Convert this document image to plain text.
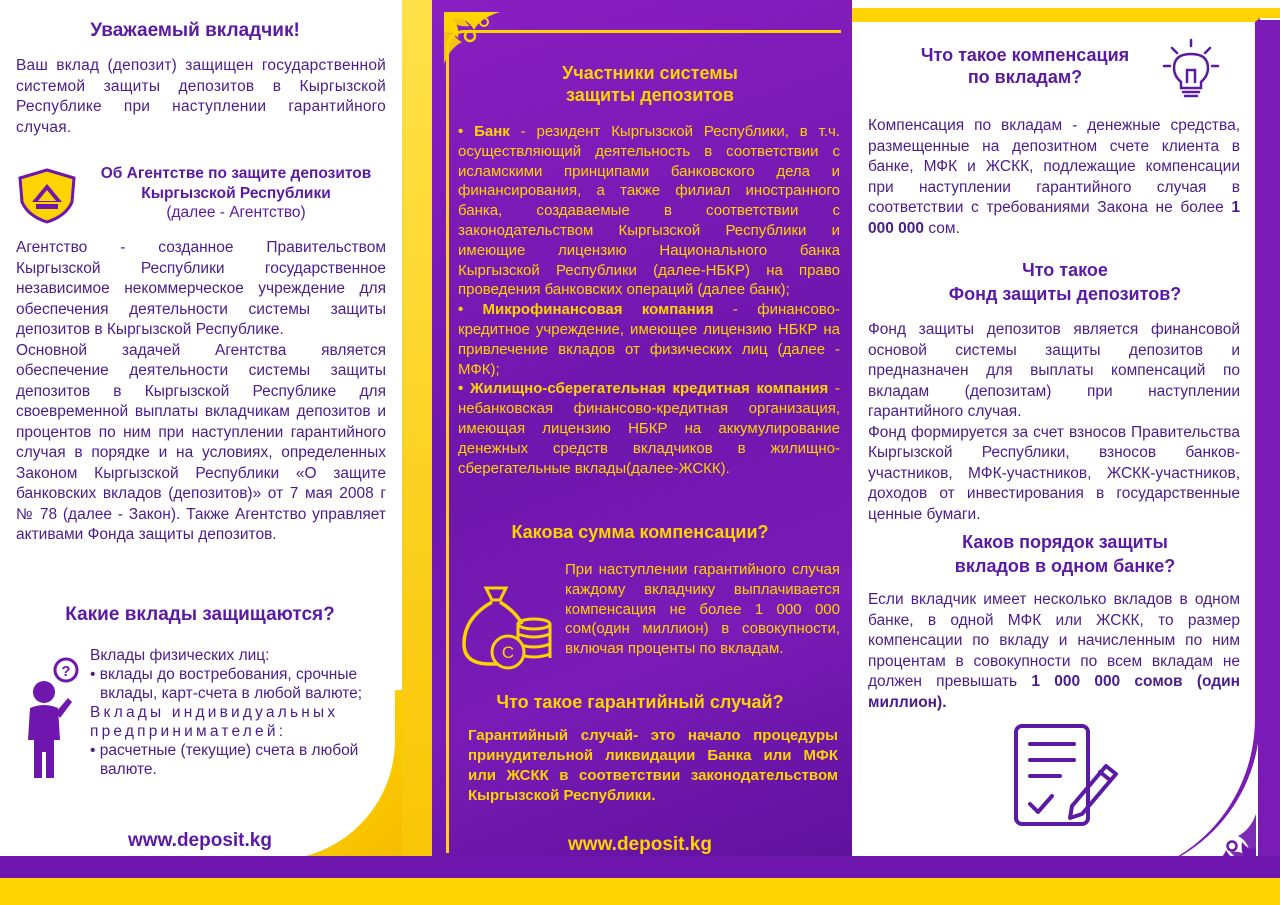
Уважаемый вкладчик!
Ваш вклад (депозит) защищен государственной системой защиты депозитов в Кыргызской Республике при наступлении гарантийного случая.
Об Агентстве по защите депозитов
Кыргызской Республики
(далее - Агентство)
Агентство - созданное Правительством Кыргызской Республики государственное независимое некоммерческое учреждение для обеспечения деятельности системы защиты депозитов в Кыргызской Республике.
Основной задачей Агентства является обеспечение деятельности системы защиты депозитов в Кыргызской Республике для своевременной выплаты вкладчикам депозитов и процентов по ним при наступлении гарантийного случая в порядке и на условиях, определенных Законом Кыргызской Республики «О защите банковских вкладов (депозитов)» от 7 мая 2008 г № 78 (далее - Закон). Также Агентство управляет активами Фонда защиты депозитов.
Какие вклады защищаются?
?
Вклады физических лиц:
• вклады до востребования, срочные
вклады, карт-счета в любой валюте;
Вклады индивидуальных предпринимателей:
• расчетные (текущие) счета в любой
валюте.
www.deposit.kg
Участники системы
защиты депозитов
• Банк - резидент Кыргызской Республики, в т.ч. осуществляющий деятельность в соответствии с исламскими принципами банковского дела и финансирования, а также филиал иностранного банка, создаваемые в соответствии с законодательством Кыргызской Республики и имеющие лицензию Национального банка Кыргызской Республики (далее-НБКР) на право проведения банковских операций (далее банк);
• Микрофинансовая компания - финансово-кредитное учреждение, имеющее лицензию НБКР на привлечение вкладов от физических лиц (далее - МФК);
• Жилищно-сберегательная кредитная компания - небанковская финансово-кредитная организация, имеющая лицензию НБКР на аккумулирование денежных средств вкладчиков в жилищно-сберегательные вклады(далее-ЖСКК).
Какова сумма компенсации?
С
При наступлении гарантийного случая каждому вкладчику выплачивается компенсация не более 1 000 000 сом(один миллион) в совокупности, включая проценты по вкладам.
Что такое гарантийный случай?
Гарантийный случай- это начало процедуры принудительной ликвидации Банка или МФК или ЖСКК в соответствии законодательством Кыргызской Республики.
www.deposit.kg
Что такое компенсация
по вкладам?
Компенсация по вкладам - денежные средства, размещенные на депозитном счете клиента в банке, МФК и ЖСКК, подлежащие компенсации при наступлении гарантийного случая в соответствии с требованиями Закона не более 1 000 000 сом.
Что такое
Фонд защиты депозитов?
Фонд защиты депозитов является финансовой основой системы защиты депозитов и предназначен для выплаты компенсаций по вкладам (депозитам) при наступлении гарантийного случая.
Фонд формируется за счет взносов Правительства Кыргызской Республики, взносов банков-участников, МФК-участников, ЖСКК-участников, доходов от инвестирования в государственные ценные бумаги.
Каков порядок защиты
вкладов в одном банке?
Если вкладчик имеет несколько вкладов в одном банке, в одной МФК или ЖСКК, то размер компенсации по вкладу и начисленным по ним процентам в совокупности по всем вкладам не должен превышать 1 000 000 сомов (один миллион).
